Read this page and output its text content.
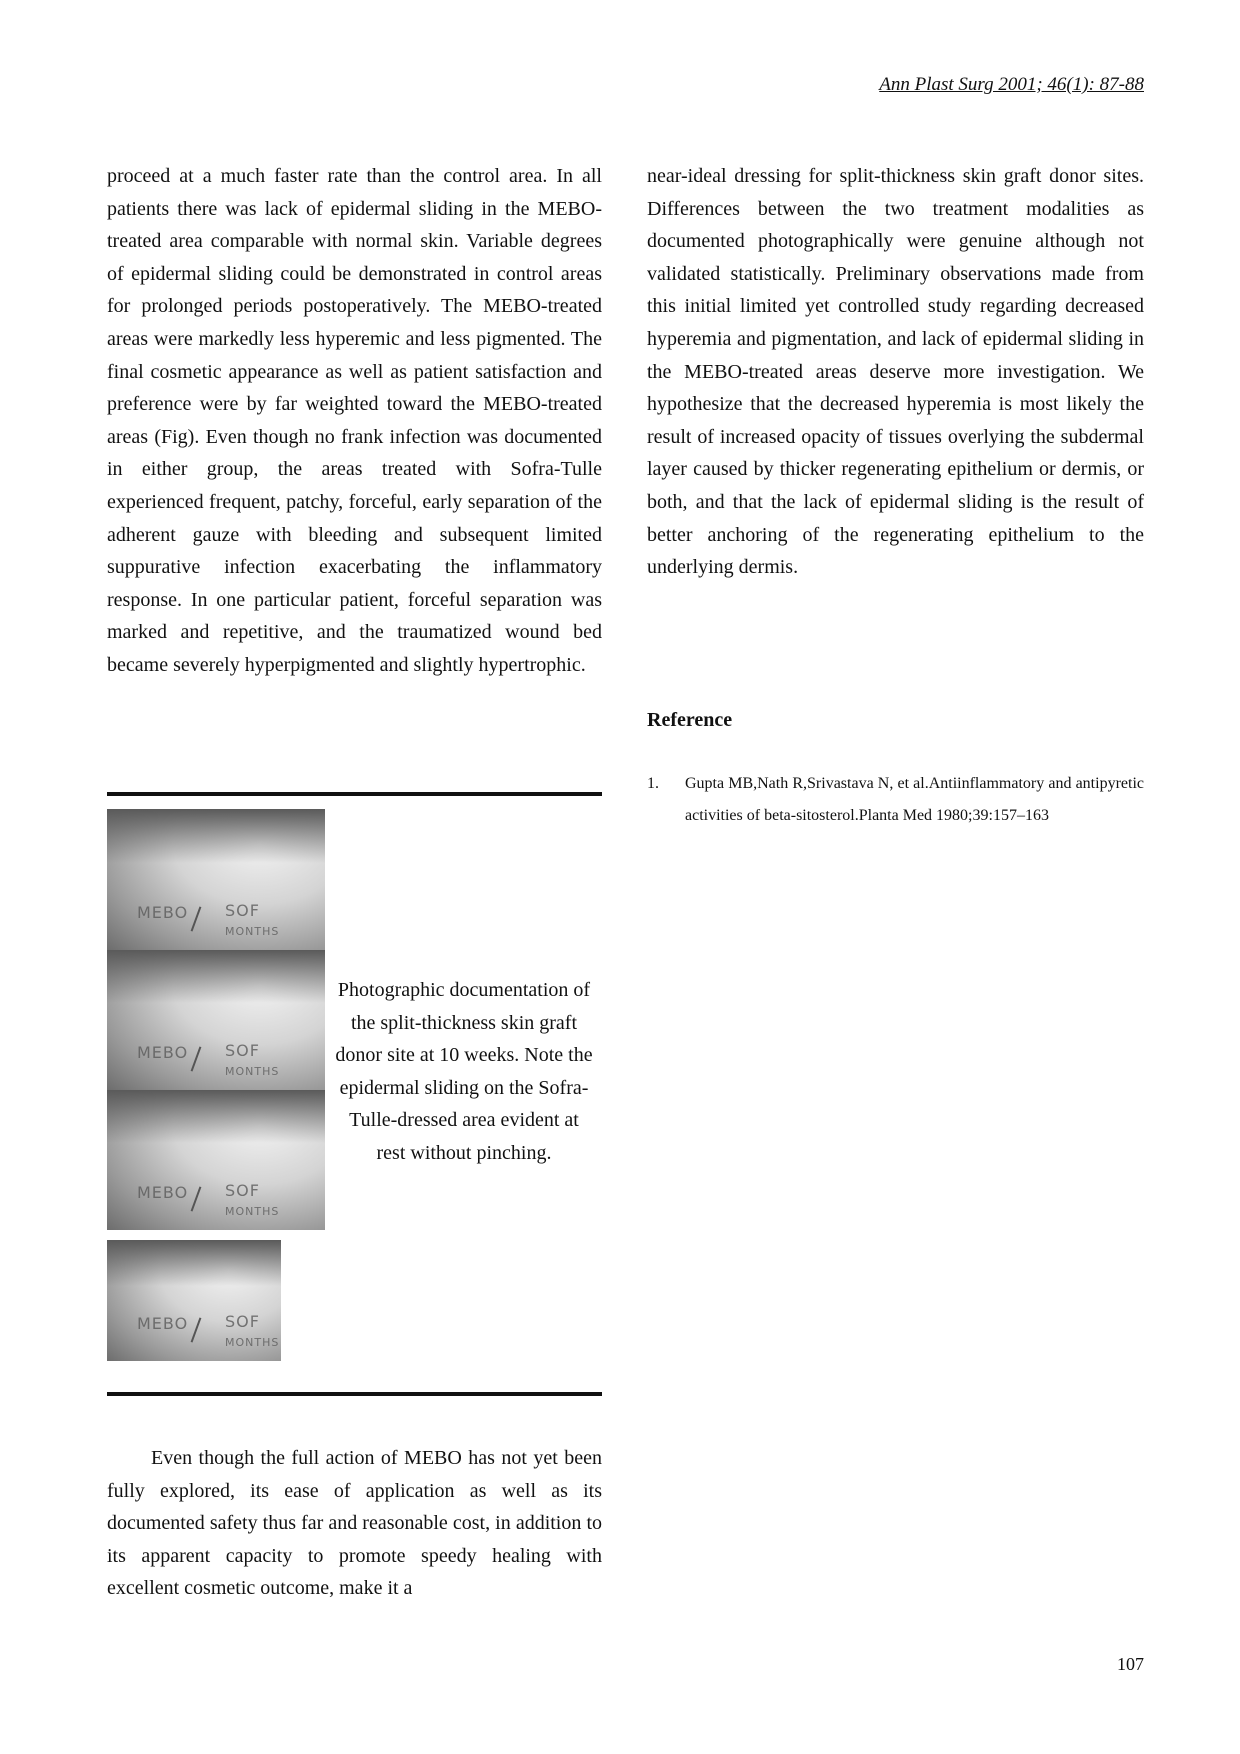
Ann Plast Surg 2001; 46(1): 87-88

proceed at a much faster rate than the control area. In all patients there was lack of epidermal sliding in the MEBO-treated area comparable with normal skin. Variable degrees of epidermal sliding could be demonstrated in control areas for prolonged periods postoperatively. The MEBO-treated areas were markedly less hyperemic and less pigmented. The final cosmetic appearance as well as patient satisfaction and preference were by far weighted toward the MEBO-treated areas (Fig). Even though no frank infection was documented in either group, the areas treated with Sofra-Tulle experienced frequent, patchy, forceful, early separation of the adherent gauze with bleeding and subsequent limited suppurative infection exacerbating the inflammatory response. In one particular patient, forceful separation was marked and repetitive, and the traumatized wound bed became severely hyperpigmented and slightly hypertrophic.

MEBO SOF
MONTHS
MEBO SOF
MONTHS
MEBO SOF
MONTHS
MEBO SOF
MONTHS
Photographic documentation of the split-thickness skin graft donor site at 10 weeks. Note the epidermal sliding on the Sofra-Tulle-dressed area evident at rest without pinching.

Even though the full action of MEBO has not yet been fully explored, its ease of application as well as its documented safety thus far and reasonable cost, in addition to its apparent capacity to promote speedy healing with excellent cosmetic outcome, make it a

near-ideal dressing for split-thickness skin graft donor sites. Differences between the two treatment modalities as documented photographically were genuine although not validated statistically. Preliminary observations made from this initial limited yet controlled study regarding decreased hyperemia and pigmentation, and lack of epidermal sliding in the MEBO-treated areas deserve more investigation. We hypothesize that the decreased hyperemia is most likely the result of increased opacity of tissues overlying the subdermal layer caused by thicker regenerating epithelium or dermis, or both, and that the lack of epidermal sliding is the result of better anchoring of the regenerating epithelium to the underlying dermis.

Reference
1. Gupta MB,Nath R,Srivastava N, et al.Antiinflammatory and antipyretic activities of beta-sitosterol.Planta Med 1980;39:157–163
107
